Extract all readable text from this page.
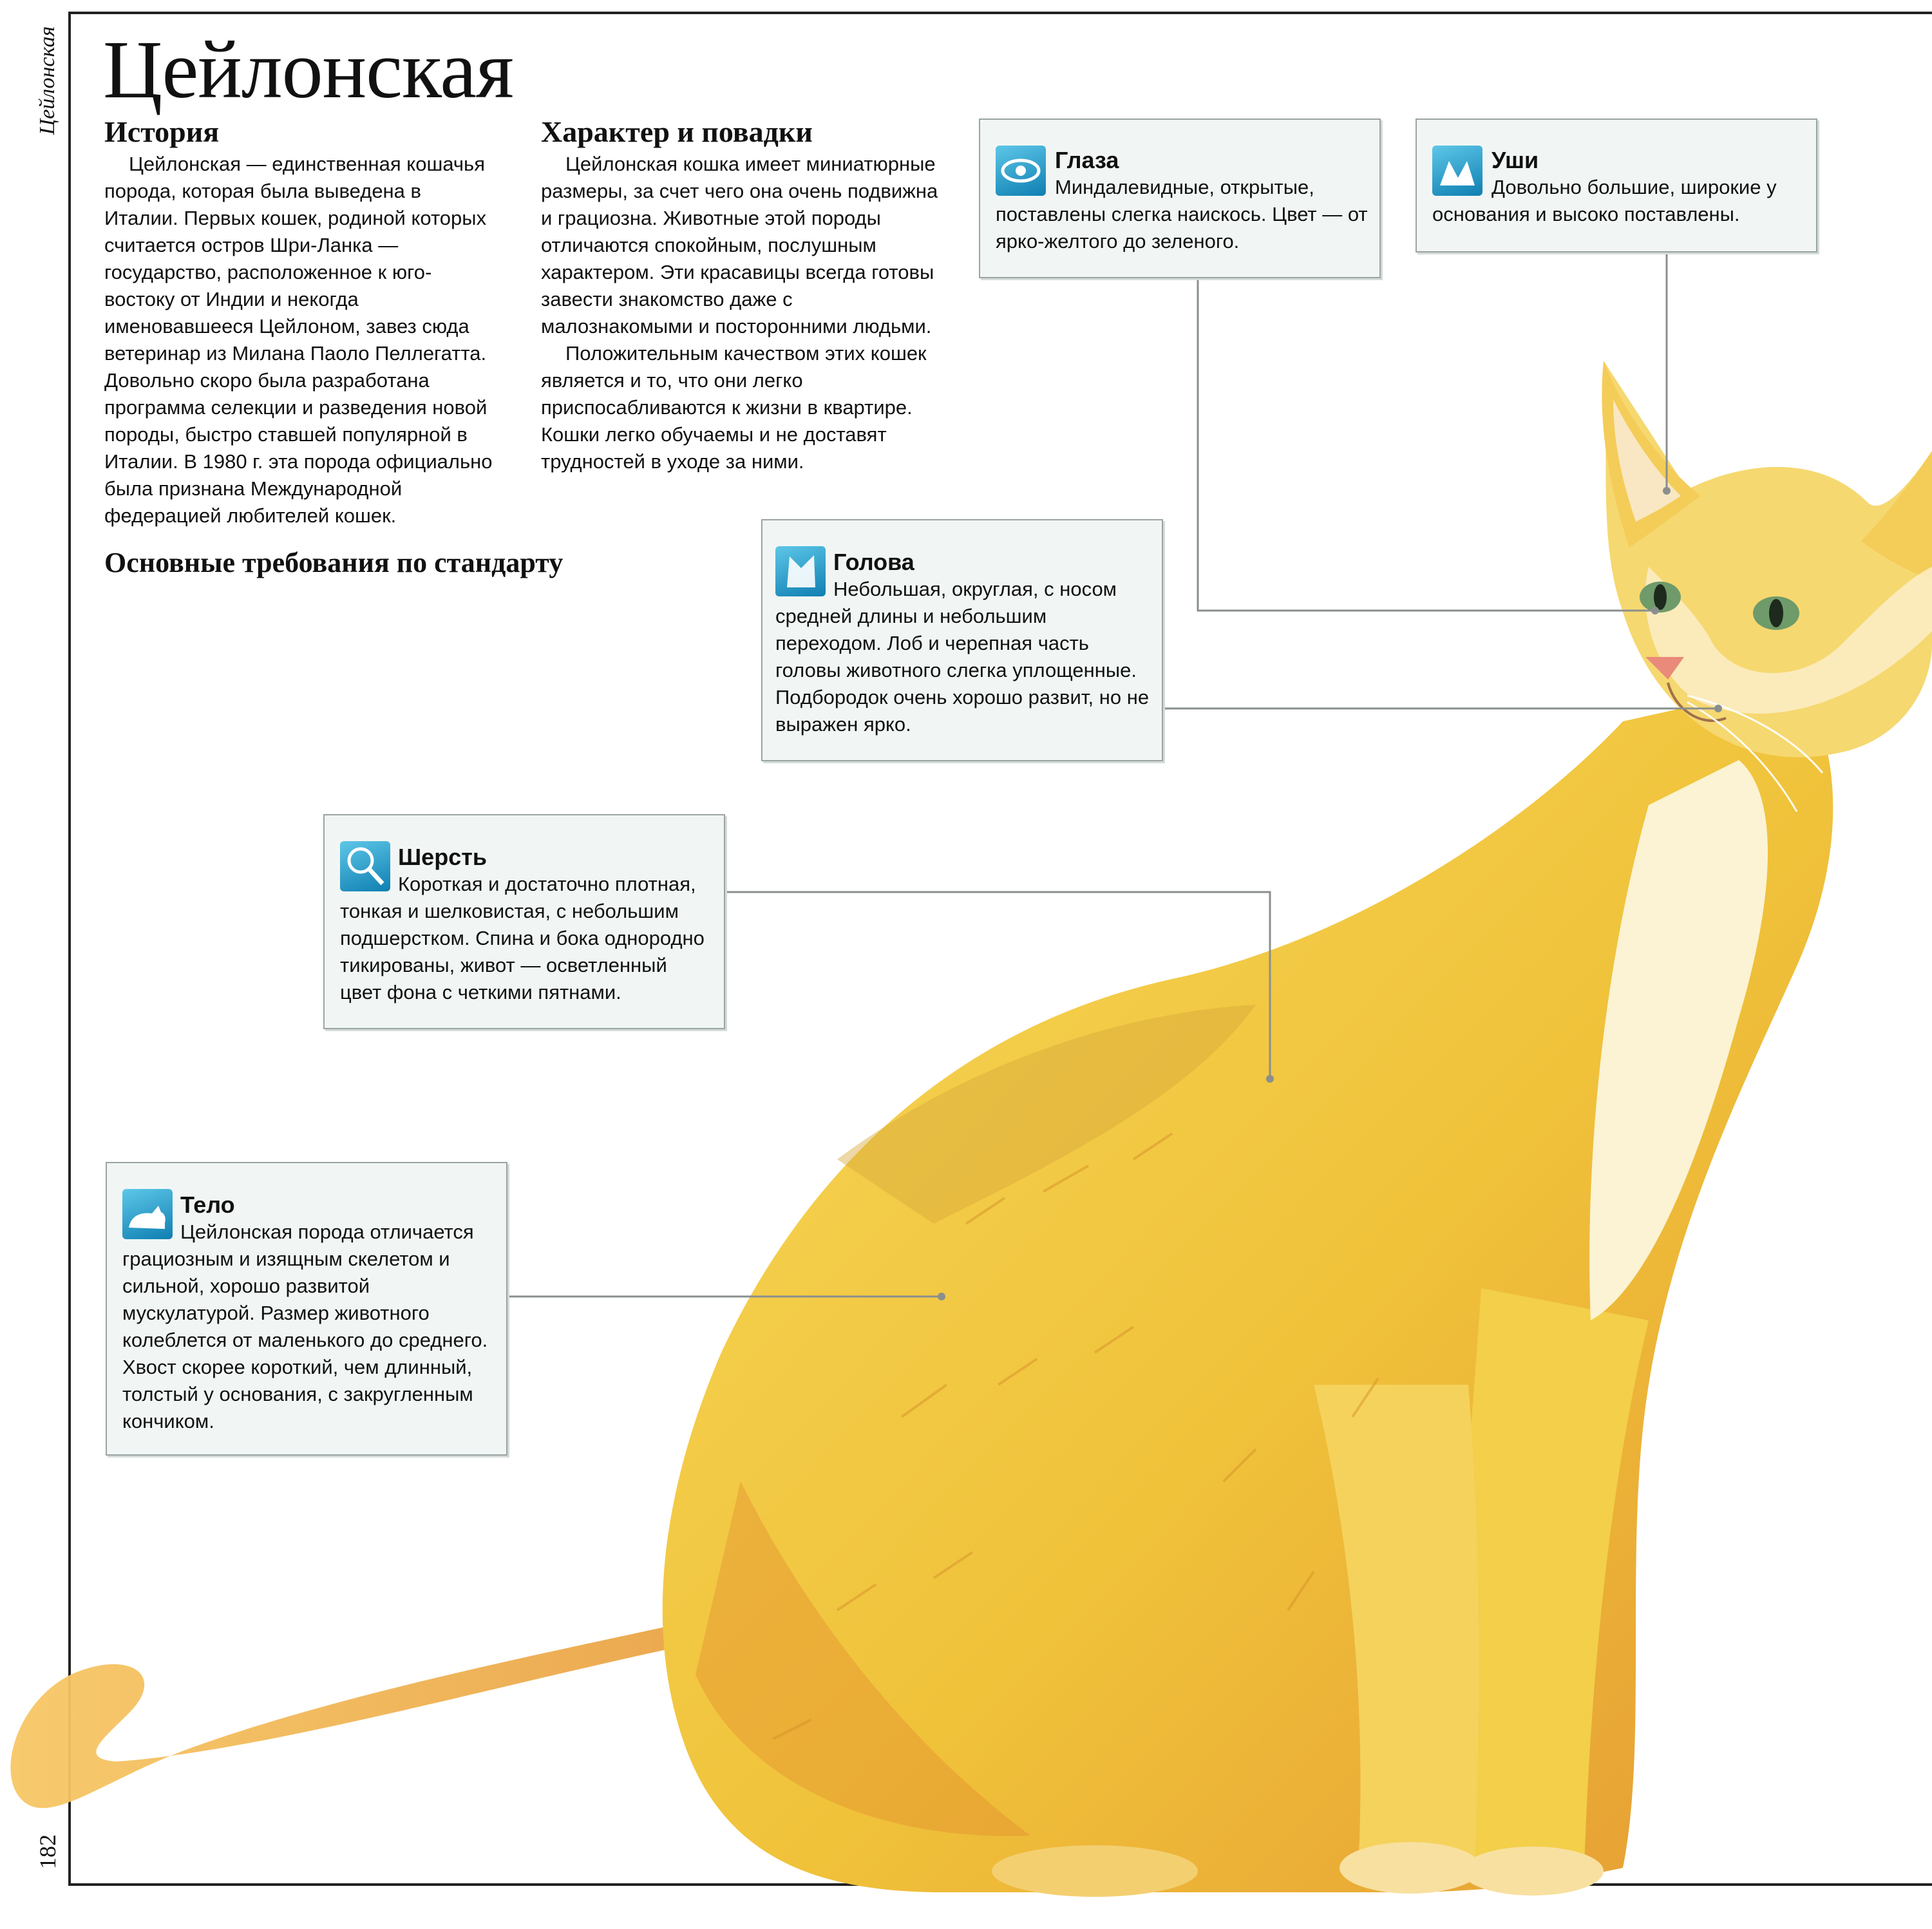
Цейлонская
182
Цейлонская
История

Цейлонская — единственная кошачья порода, которая была выведена в Италии. Первых кошек, родиной которых считается остров Шри-Ланка — государство, расположенное к юго-востоку от Индии и некогда именовавшееся Цейлоном, завез сюда ветеринар из Милана Паоло Пеллегатта. Довольно скоро была разработана программа селекции и разведения новой породы, быстро ставшей популярной в Италии. В 1980 г. эта порода официально была признана Международной федерацией любителей кошек.

Характер и повадки

Цейлонская кошка имеет миниатюрные размеры, за счет чего она очень подвижна и грациозна. Животные этой породы отличаются спокойным, послушным характером. Эти красавицы всегда готовы завести знакомство даже с малознакомыми и посторонними людьми.

Положительным качеством этих кошек является и то, что они легко приспосабливаются к жизни в квартире. Кошки легко обучаемы и не доставят трудностей в уходе за ними.

Основные требования по стандарту
Глаза

Миндалевидные, открытые, поставлены слегка наискось. Цвет — от ярко-желтого до зеленого.

Уши

Довольно большие, широкие у основания и высоко поставлены.

Голова

Небольшая, округлая, с носом средней длины и небольшим переходом. Лоб и черепная часть головы животного слегка уплощенные. Подбородок очень хорошо развит, но не выражен ярко.

Шерсть

Короткая и достаточно плотная, тонкая и шелковистая, с небольшим подшерстком. Спина и бока однородно тикированы, живот — осветленный цвет фона с четкими пятнами.

Тело

Цейлонская порода отличается грациозным и изящным скелетом и сильной, хорошо развитой мускулатурой. Размер животного колеблется от маленького до среднего. Хвост скорее короткий, чем длинный, толстый у основания, с закругленным кончиком.
